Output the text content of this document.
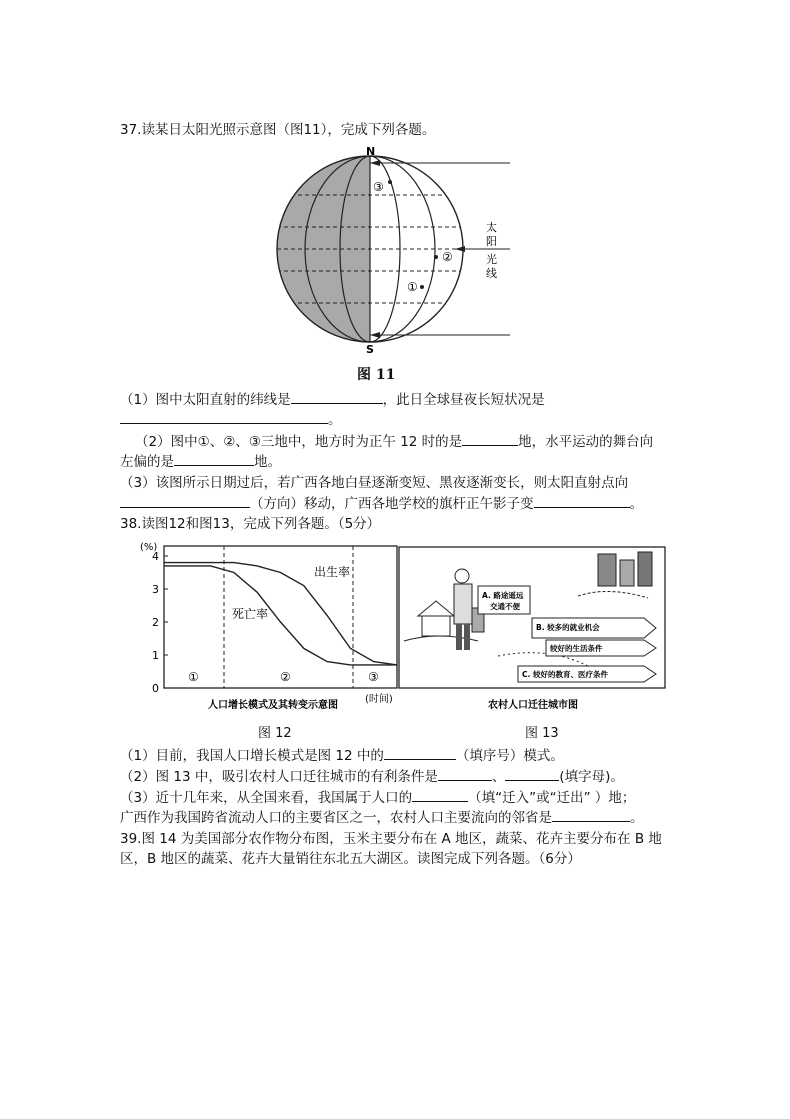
37.读某日太阳光照示意图（图11），完成下列各题。
N
S
③
②
①
太
阳
光
线
图 11
（1）图中太阳直射的纬线是	，此日全球昼夜长短状况是
。
（2）图中①、②、③三地中，地方时为正午 12 时的是	地，水平运动的舞台向
左偏的是	地。
（3）该图所示日期过后，若广西各地白昼逐渐变短、黑夜逐渐变长，则太阳直射点向
（方向）移动，广西各地学校的旗杆正午影子变	。
38.读图12和图13，完成下列各题。（5分）
0
1
2
3
4
(%)
出生率
死亡率
①	②	③
(时间)
人口增长模式及其转变示意图
图 12
A. 路途遥远
交通不便
B. 较多的就业机会
较好的生活条件
C. 较好的教育、医疗条件
农村人口迁往城市图
图 13
（1）目前，我国人口增长模式是图 12 中的	（填序号）模式。
（2）图 13 中，吸引农村人口迁往城市的有利条件是	、	(填字母)。
（3）近十几年来，从全国来看，我国属于人口的	（填“迁入”或“迁出” ）地；
广西作为我国跨省流动人口的主要省区之一，农村人口主要流向的邻省是	。
39.图 14 为美国部分农作物分布图，玉米主要分布在 A 地区，蔬菜、花卉主要分布在 B 地
区，B 地区的蔬菜、花卉大量销往东北五大湖区。读图完成下列各题。（6分）
